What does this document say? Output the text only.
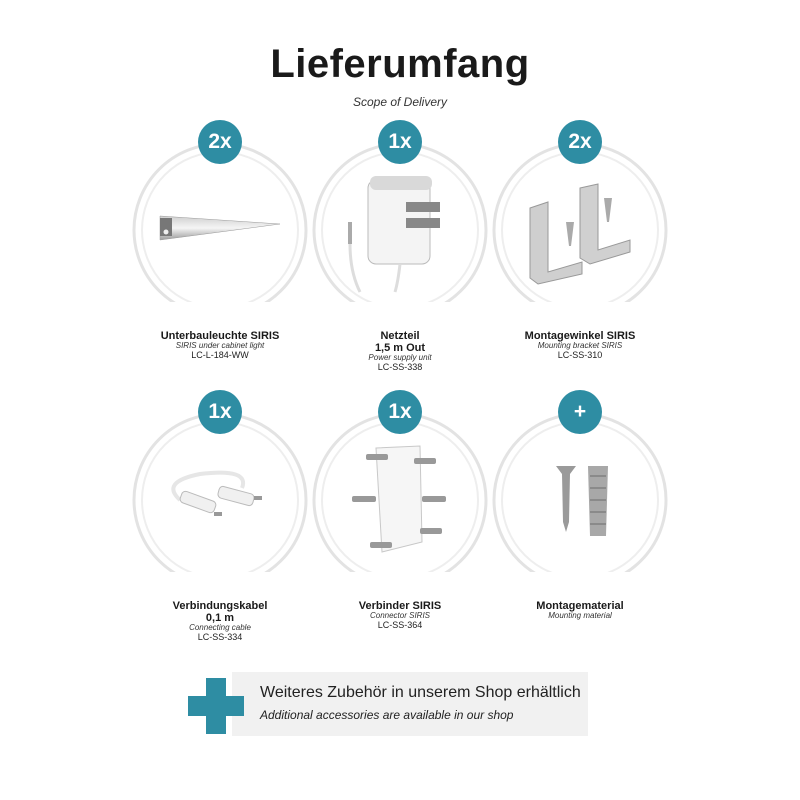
Lieferumfang
Scope of Delivery
2x
Unterbauleuchte SIRIS
SIRIS under cabinet light
LC-L-184-WW
1x
Netzteil
1,5 m Out
Power supply unit
LC-SS-338
2x
Montagewinkel SIRIS
Mounting bracket SIRIS
LC-SS-310
1x
Verbindungskabel
0,1 m
Connecting cable
LC-SS-334
1x
Verbinder SIRIS
Connector SIRIS
LC-SS-364
+
Montagematerial
Mounting material
Weiteres Zubehör in unserem Shop erhältlich
Additional accessories are available in our shop
